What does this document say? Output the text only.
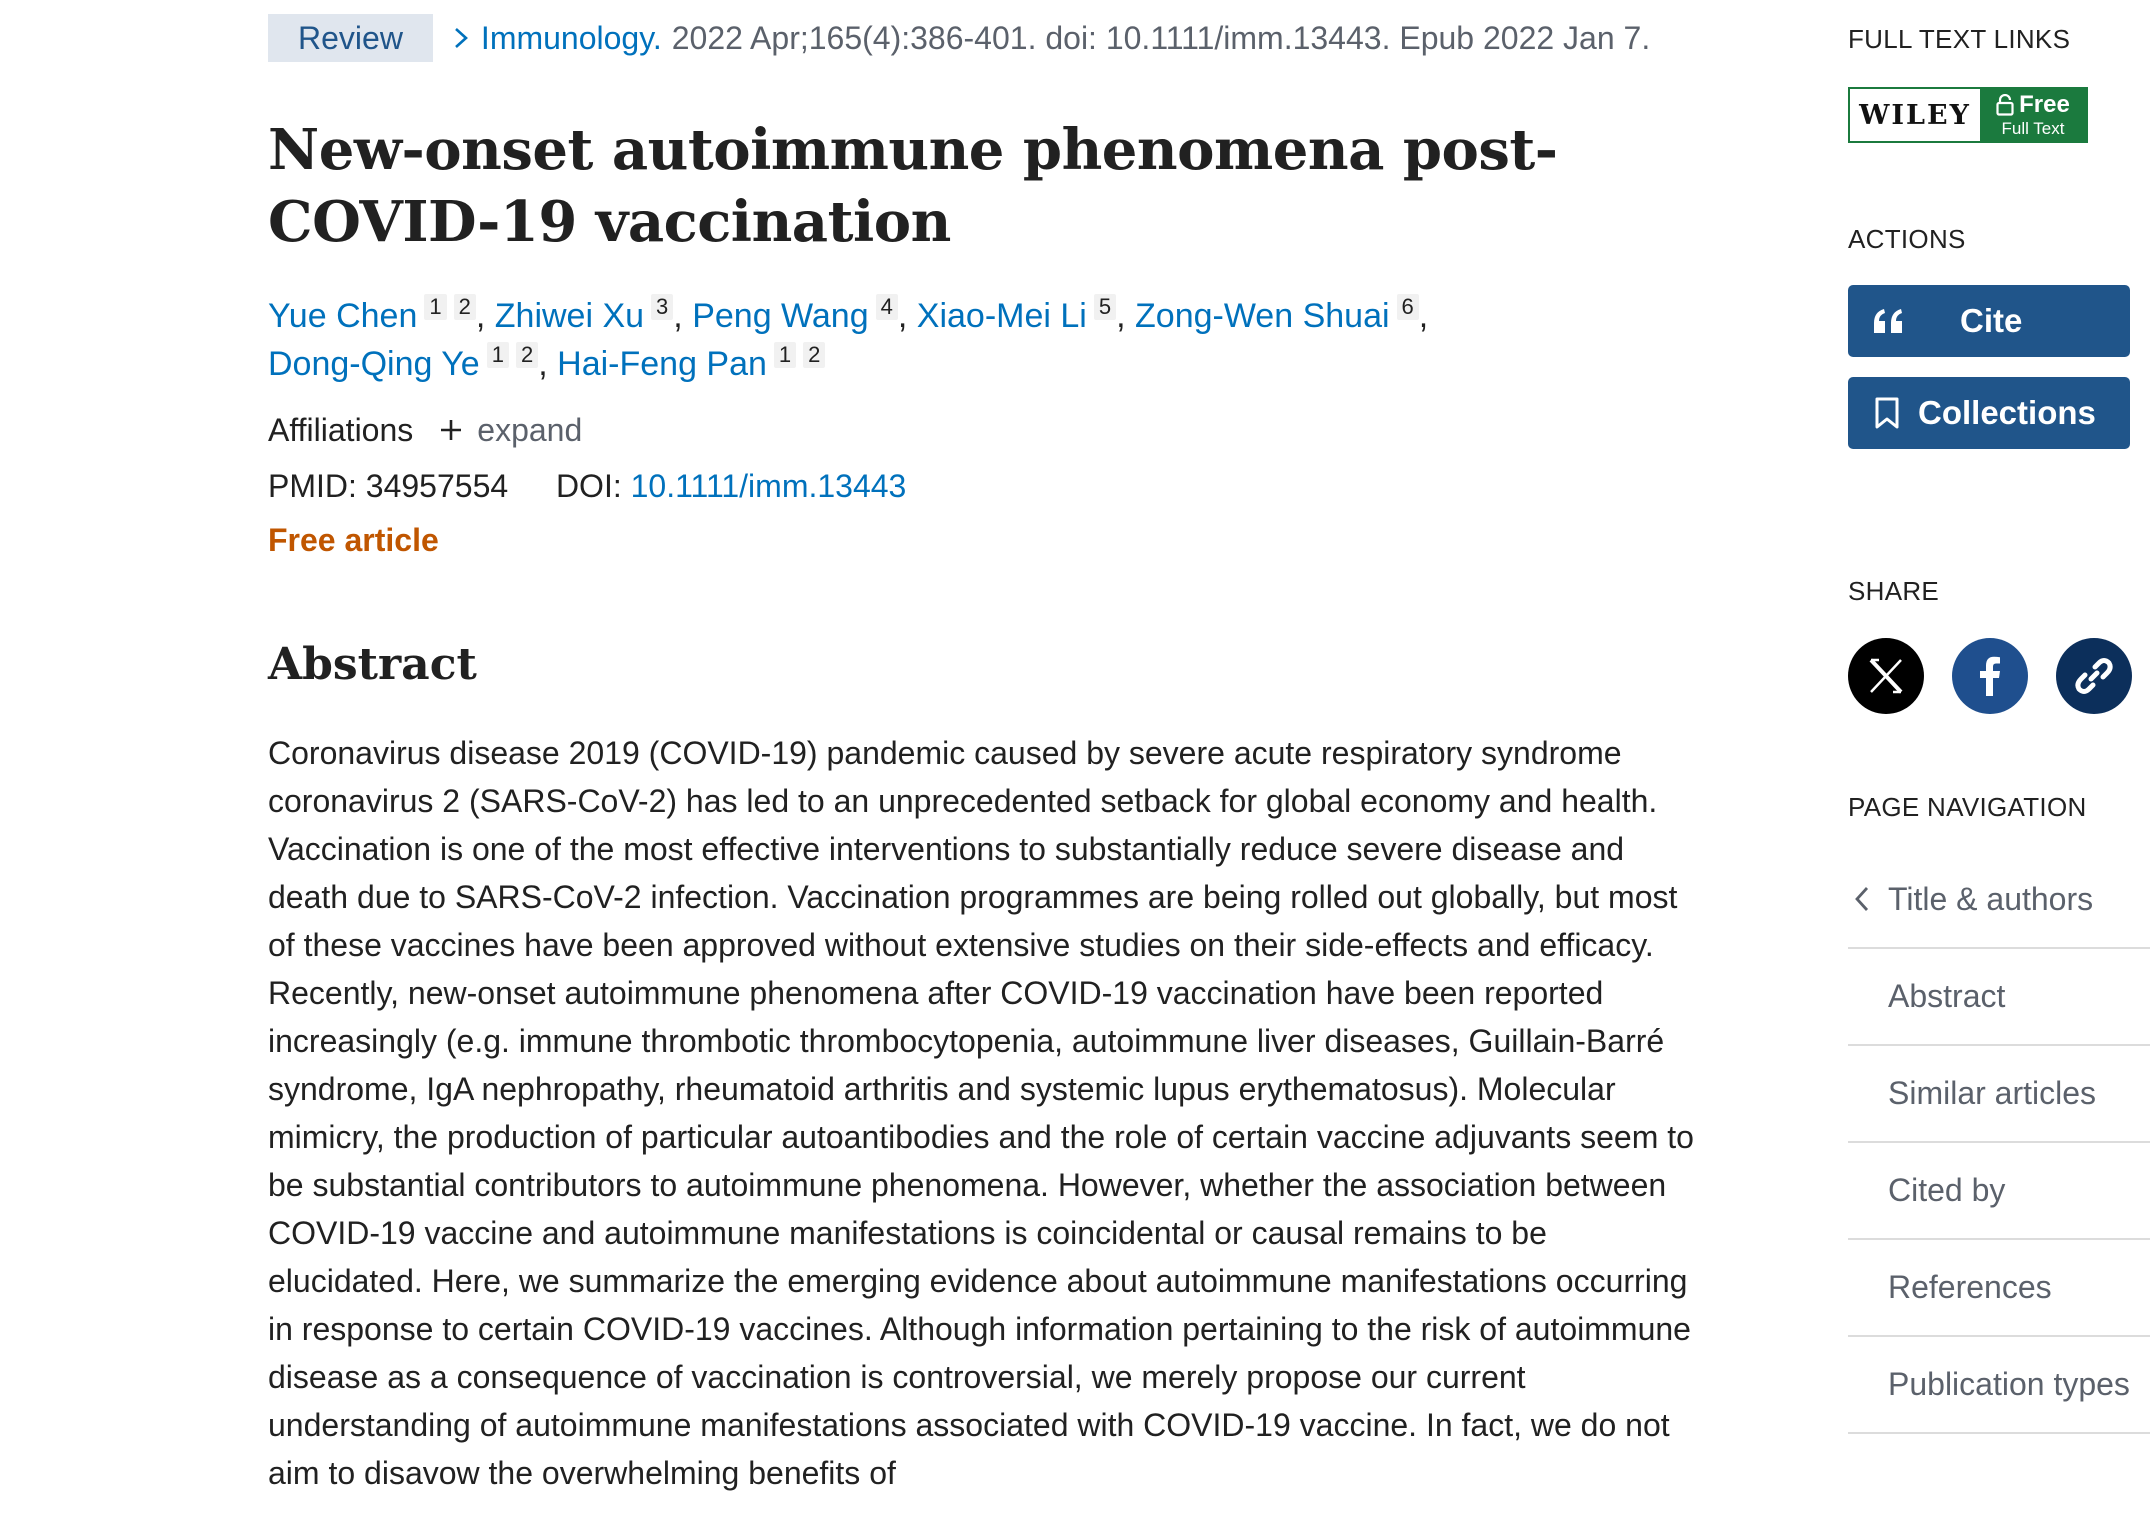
Review	Immunology. 2022 Apr;165(4):386-401. doi: 10.1111/imm.13443. Epub 2022 Jan 7.
New-onset autoimmune phenomena post-COVID-19 vaccination
Yue Chen 1 2 , Zhiwei Xu 3 , Peng Wang 4 , Xiao-Mei Li 5 , Zong-Wen Shuai 6 , Dong-Qing Ye 1 2 , Hai-Feng Pan 1 2
Affiliations expand
PMID: 34957554 DOI: 10.1111/imm.13443
Free article
Abstract

Coronavirus disease 2019 (COVID-19) pandemic caused by severe acute respiratory syndrome coronavirus 2 (SARS-CoV-2) has led to an unprecedented setback for global economy and health. Vaccination is one of the most effective interventions to substantially reduce severe disease and death due to SARS-CoV-2 infection. Vaccination programmes are being rolled out globally, but most of these vaccines have been approved without extensive studies on their side-effects and efficacy. Recently, new-onset autoimmune phenomena after COVID-19 vaccination have been reported increasingly (e.g. immune thrombotic thrombocytopenia, autoimmune liver diseases, Guillain-Barré syndrome, IgA nephropathy, rheumatoid arthritis and systemic lupus erythematosus). Molecular mimicry, the production of particular autoantibodies and the role of certain vaccine adjuvants seem to be substantial contributors to autoimmune phenomena. However, whether the association between COVID-19 vaccine and autoimmune manifestations is coincidental or causal remains to be elucidated. Here, we summarize the emerging evidence about autoimmune manifestations occurring in response to certain COVID-19 vaccines. Although information pertaining to the risk of autoimmune disease as a consequence of vaccination is controversial, we merely propose our current understanding of autoimmune manifestations associated with COVID-19 vaccine. In fact, we do not aim to disavow the overwhelming benefits of

FULL TEXT LINKS
WILEY	Free
Full Text
ACTIONS
Cite
Collections
SHARE
PAGE NAVIGATION
Title & authors
Abstract
Similar articles
Cited by
References
Publication types
